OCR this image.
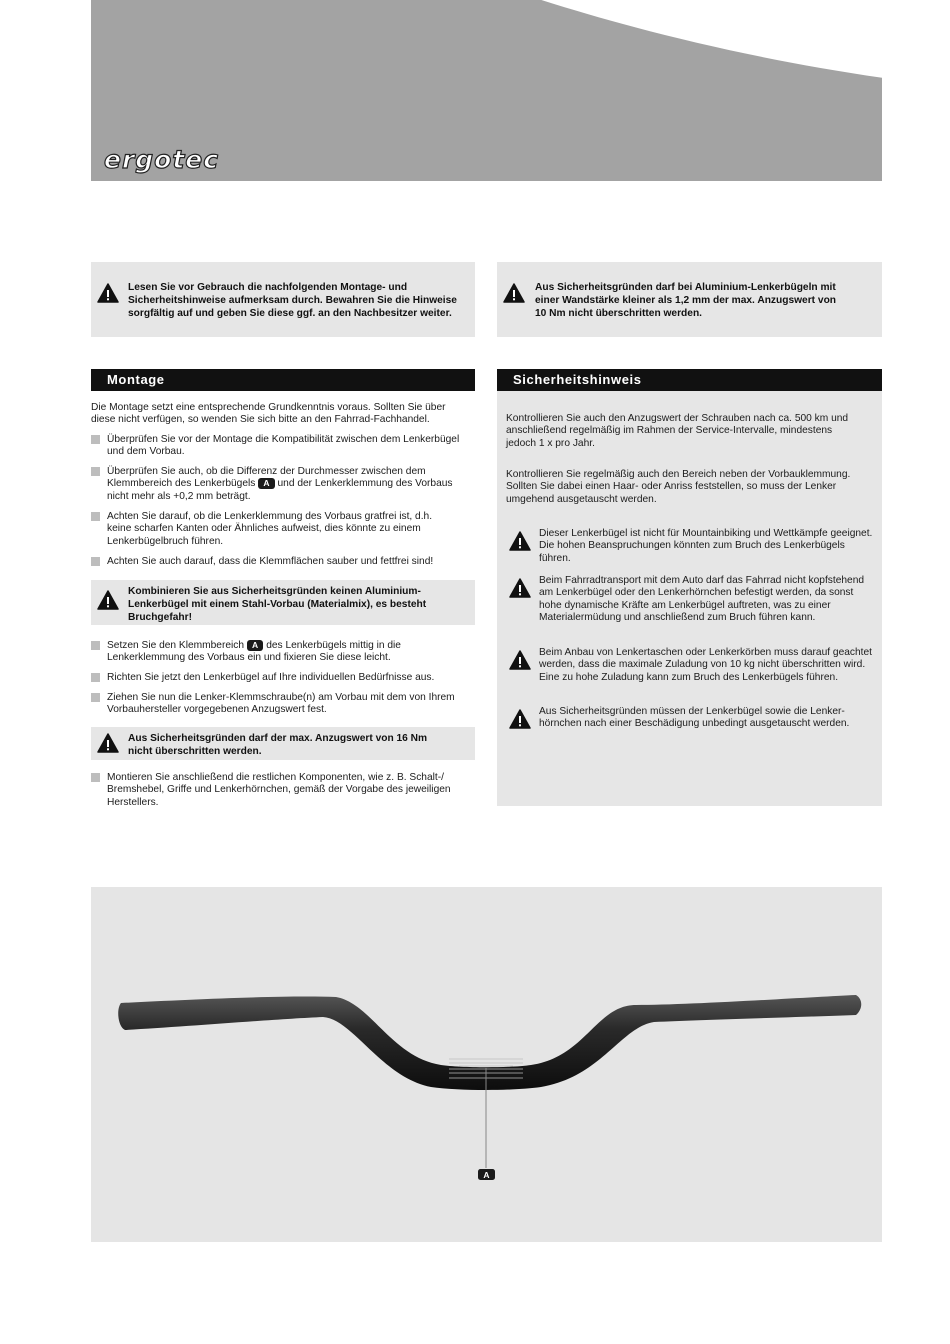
ergotec
Lesen Sie vor Gebrauch die nachfolgenden Montage- und
Sicherheitshinweise aufmerksam durch. Bewahren Sie die Hinweise
sorgfältig auf und geben Sie diese ggf. an den Nachbesitzer weiter.
Aus Sicherheitsgründen darf bei Aluminium-Lenkerbügeln mit
einer Wandstärke kleiner als 1,2 mm der max. Anzugswert von
10 Nm nicht überschritten werden.
Montage
Die Montage setzt eine entsprechende Grundkenntnis voraus. Sollten Sie über
diese nicht verfügen, so wenden Sie sich bitte an den Fahrrad-Fachhandel.
Überprüfen Sie vor der Montage die Kompatibilität zwischen dem Lenkerbügel
und dem Vorbau.
Überprüfen Sie auch, ob die Differenz der Durchmesser zwischen dem
Klemmbereich des Lenkerbügels A und der Lenkerklemmung des Vorbaus
nicht mehr als +0,2 mm beträgt.
Achten Sie darauf, ob die Lenkerklemmung des Vorbaus gratfrei ist, d.h.
keine scharfen Kanten oder Ähnliches aufweist, dies könnte zu einem
Lenkerbügelbruch führen.
Achten Sie auch darauf, dass die Klemmflächen sauber und fettfrei sind!
Kombinieren Sie aus Sicherheitsgründen keinen Aluminium-
Lenkerbügel mit einem Stahl-Vorbau (Materialmix), es besteht
Bruchgefahr!
Setzen Sie den Klemmbereich A des Lenkerbügels mittig in die
Lenkerklemmung des Vorbaus ein und fixieren Sie diese leicht.
Richten Sie jetzt den Lenkerbügel auf Ihre individuellen Bedürfnisse aus.
Ziehen Sie nun die Lenker-Klemmschraube(n) am Vorbau mit dem von Ihrem
Vorbauhersteller vorgegebenen Anzugswert fest.
Aus Sicherheitsgründen darf der max. Anzugswert von 16 Nm
nicht überschritten werden.
Montieren Sie anschließend die restlichen Komponenten, wie z. B. Schalt-/
Bremshebel, Griffe und Lenkerhörnchen, gemäß der Vorgabe des jeweiligen
Herstellers.
Sicherheitshinweis
Kontrollieren Sie auch den Anzugswert der Schrauben nach ca. 500 km und
anschließend regelmäßig im Rahmen der Service-Intervalle, mindestens
jedoch 1 x pro Jahr.
Kontrollieren Sie regelmäßig auch den Bereich neben der Vorbauklemmung.
Sollten Sie dabei einen Haar- oder Anriss feststellen, so muss der Lenker
umgehend ausgetauscht werden.
Dieser Lenkerbügel ist nicht für Mountainbiking und Wettkämpfe geeignet.
Die hohen Beanspruchungen könnten zum Bruch des Lenkerbügels führen.
Beim Fahrradtransport mit dem Auto darf das Fahrrad nicht kopfstehend
am Lenkerbügel oder den Lenkerhörnchen befestigt werden, da sonst
hohe dynamische Kräfte am Lenkerbügel auftreten, was zu einer
Materialermüdung und anschließend zum Bruch führen kann.
Beim Anbau von Lenkertaschen oder Lenkerkörben muss darauf geachtet
werden, dass die maximale Zuladung von 10 kg nicht überschritten wird.
Eine zu hohe Zuladung kann zum Bruch des Lenkerbügels führen.
Aus Sicherheitsgründen müssen der Lenkerbügel sowie die Lenker-
hörnchen nach einer Beschädigung unbedingt ausgetauscht werden.
A
